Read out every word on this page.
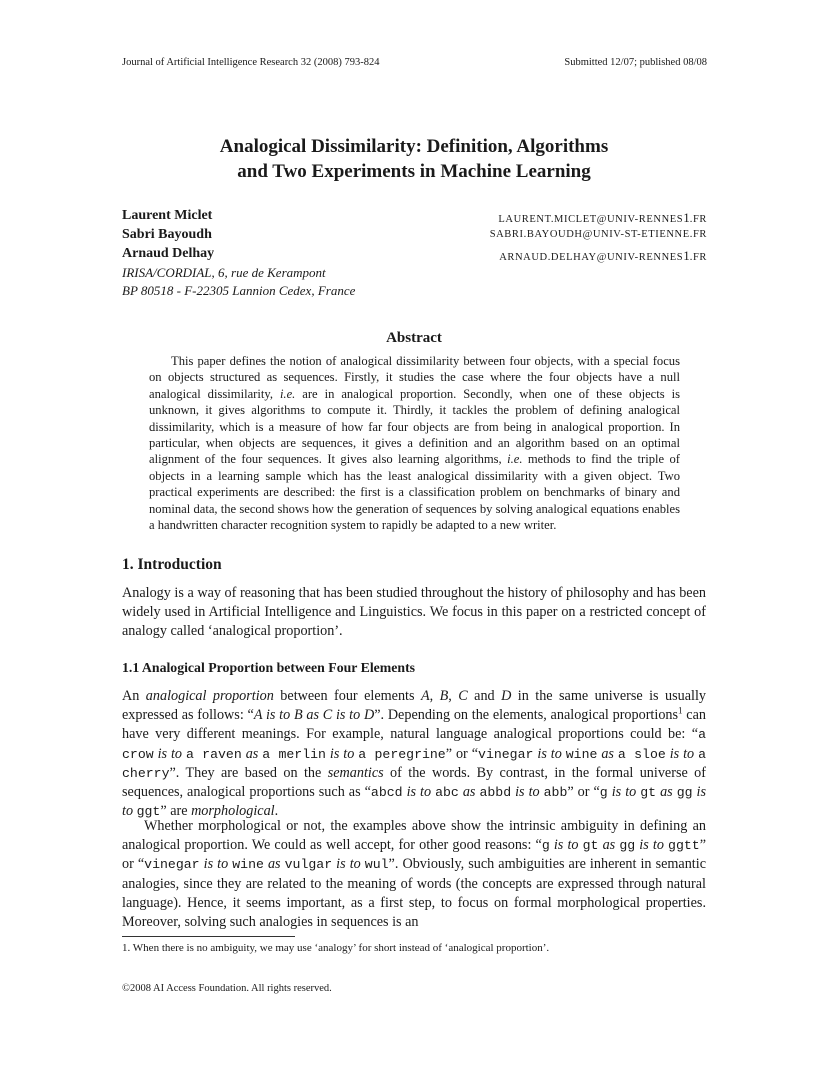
Journal of Artificial Intelligence Research 32 (2008) 793-824	Submitted 12/07; published 08/08
Analogical Dissimilarity: Definition, Algorithms
and Two Experiments in Machine Learning
Laurent Miclet	LAURENT.MICLET@UNIV-RENNES1.FR
Sabri Bayoudh	SABRI.BAYOUDH@UNIV-ST-ETIENNE.FR
Arnaud Delhay	ARNAUD.DELHAY@UNIV-RENNES1.FR
IRISA/CORDIAL, 6, rue de Kerampont
BP 80518 - F-22305 Lannion Cedex, France
Abstract

This paper defines the notion of analogical dissimilarity between four objects, with a special focus on objects structured as sequences. Firstly, it studies the case where the four objects have a null analogical dissimilarity, i.e. are in analogical proportion. Secondly, when one of these objects is unknown, it gives algorithms to compute it. Thirdly, it tackles the problem of defining analogical dissimilarity, which is a measure of how far four objects are from being in analogical proportion. In particular, when objects are sequences, it gives a definition and an algorithm based on an optimal alignment of the four sequences. It gives also learning algorithms, i.e. methods to find the triple of objects in a learning sample which has the least analogical dissimilarity with a given object. Two practical experiments are described: the first is a classification problem on benchmarks of binary and nominal data, the second shows how the generation of sequences by solving analogical equations enables a handwritten character recognition system to rapidly be adapted to a new writer.

1. Introduction

Analogy is a way of reasoning that has been studied throughout the history of philosophy and has been widely used in Artificial Intelligence and Linguistics. We focus in this paper on a restricted concept of analogy called ‘analogical proportion’.

1.1 Analogical Proportion between Four Elements

An analogical proportion between four elements A, B, C and D in the same universe is usually expressed as follows: “A is to B as C is to D”. Depending on the elements, analogical proportions$^1$ can have very different meanings. For example, natural language analogical proportions could be: “a crow is to a raven as a merlin is to a peregrine” or “vinegar is to wine as a sloe is to a cherry”. They are based on the semantics of the words. By contrast, in the formal universe of sequences, analogical proportions such as “abcd is to abc as abbd is to abb” or “g is to gt as gg is to ggt” are morphological.

Whether morphological or not, the examples above show the intrinsic ambiguity in defining an analogical proportion. We could as well accept, for other good reasons: “g is to gt as gg is to ggtt” or “vinegar is to wine as vulgar is to wul”. Obviously, such ambiguities are inherent in semantic analogies, since they are related to the meaning of words (the concepts are expressed through natural language). Hence, it seems important, as a first step, to focus on formal morphological properties. Moreover, solving such analogies in sequences is an

1. When there is no ambiguity, we may use ‘analogy’ for short instead of ‘analogical proportion’.
©2008 AI Access Foundation. All rights reserved.
